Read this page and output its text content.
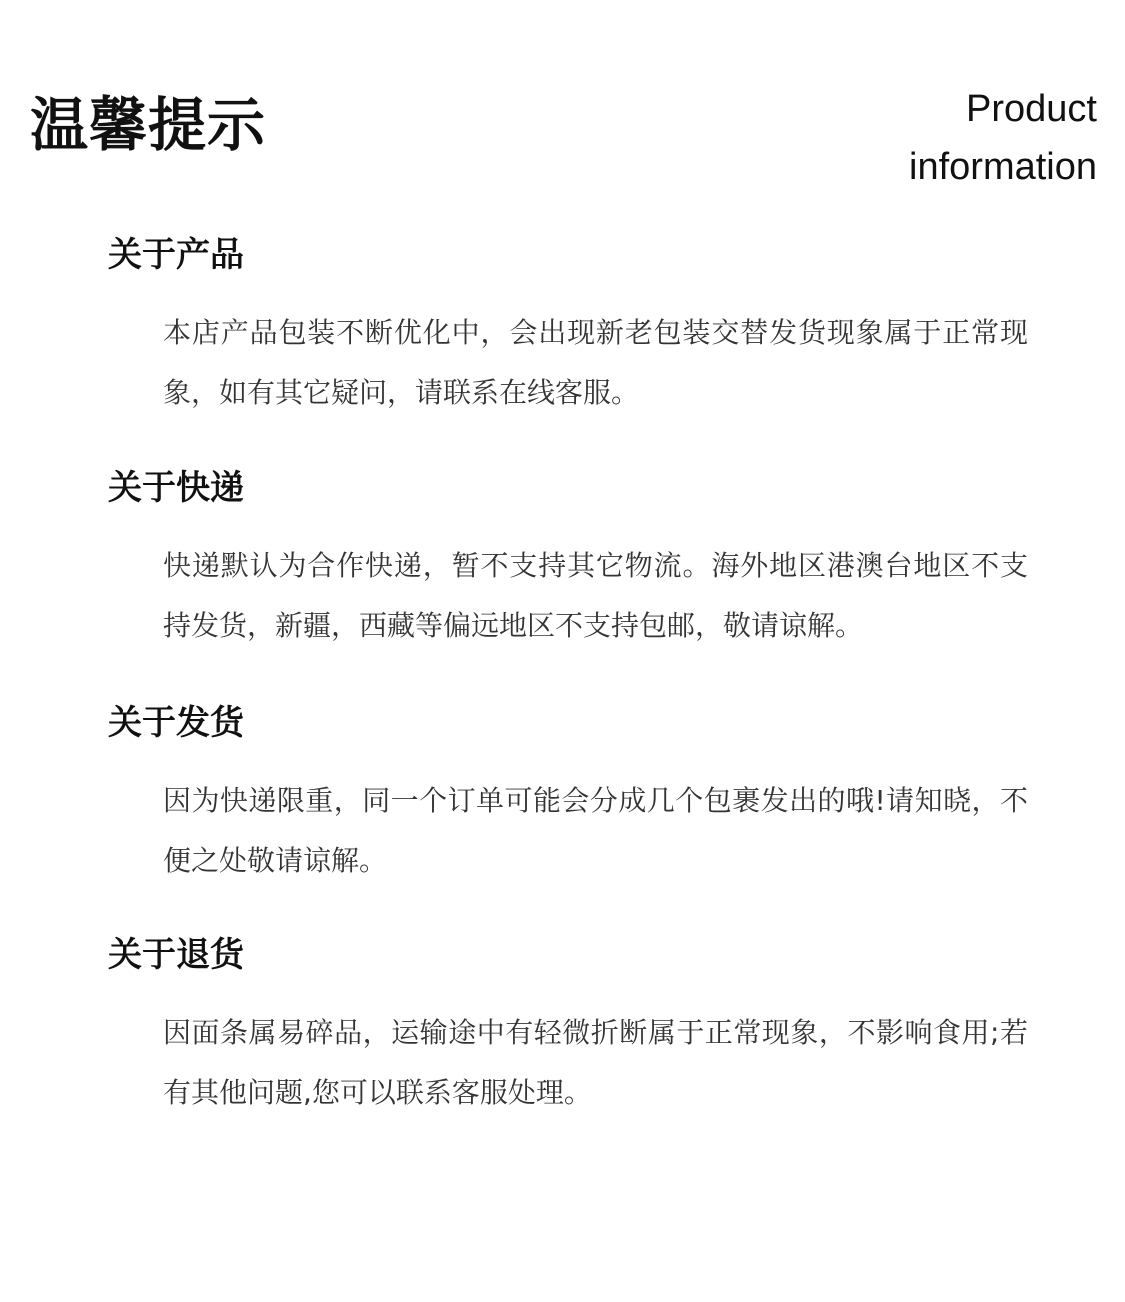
温馨提示	Product
information
关于产品

本店产品包装不断优化中，会出现新老包装交替发货现象属于正常现象，如有其它疑问，请联系在线客服。

关于快递

快递默认为合作快递，暂不支持其它物流。海外地区港澳台地区不支持发货，新疆，西藏等偏远地区不支持包邮，敬请谅解。

关于发货

因为快递限重，同一个订单可能会分成几个包裹发出的哦!请知晓，不便之处敬请谅解。

关于退货

因面条属易碎品，运输途中有轻微折断属于正常现象，不影响食用;若有其他问题,您可以联系客服处理。
